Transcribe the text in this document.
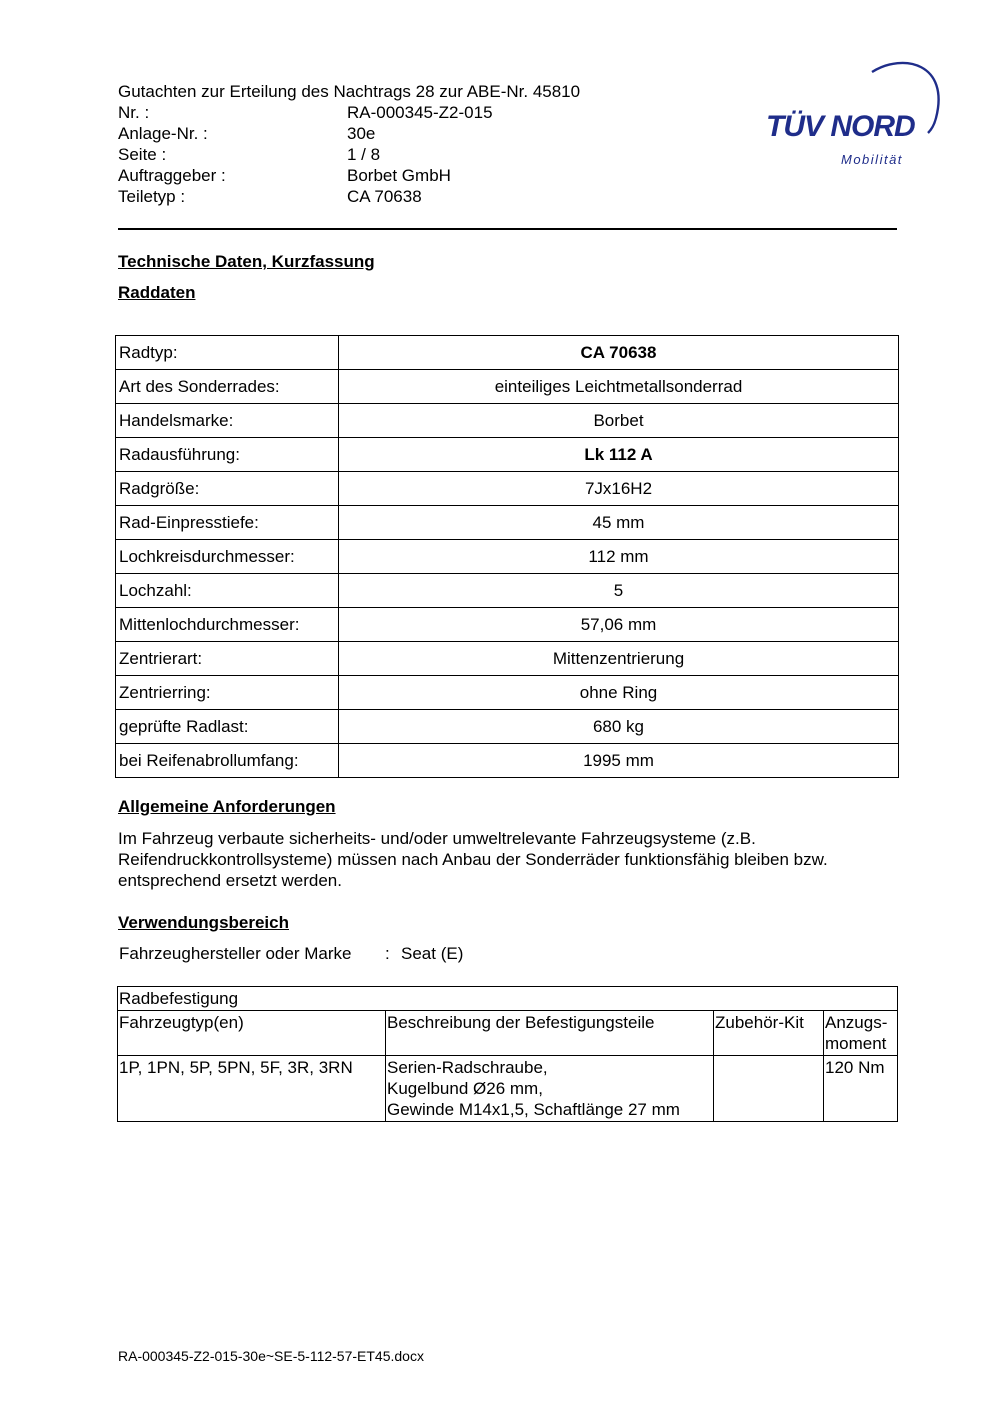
Gutachten zur Erteilung des Nachtrags 28 zur ABE-Nr. 45810
Nr. :	RA-000345-Z2-015
Anlage-Nr. :	30e
Seite :	1 / 8
Auftraggeber :	Borbet GmbH
Teiletyp :	CA 70638
TÜV NORD
Mobilität
Technische Daten, Kurzfassung
Raddaten
Radtyp:	CA 70638
Art des Sonderrades:	einteiliges Leichtmetallsonderrad
Handelsmarke:	Borbet
Radausführung:	Lk 112 A
Radgröße:	7Jx16H2
Rad-Einpresstiefe:	45 mm
Lochkreisdurchmesser:	112 mm
Lochzahl:	5
Mittenlochdurchmesser:	57,06 mm
Zentrierart:	Mittenzentrierung
Zentrierring:	ohne Ring
geprüfte Radlast:	680 kg
bei Reifenabrollumfang:	1995 mm
Allgemeine Anforderungen
Im Fahrzeug verbaute sicherheits- und/oder umweltrelevante Fahrzeugsysteme (z.B.
Reifendruckkontrollsysteme) müssen nach Anbau der Sonderräder funktionsfähig bleiben bzw.
entsprechend ersetzt werden.
Verwendungsbereich
Fahrzeughersteller oder Marke : Seat (E)
Radbefestigung			
Fahrzeugtyp(en)	Beschreibung der Befestigungsteile	Zubehör-Kit	Anzugs-
moment

1P, 1PN, 5P, 5PN, 5F, 3R, 3RN	Serien-Radschraube,
Kugelbund Ø26 mm,
Gewinde M14x1,5, Schaftlänge 27 mm		120 Nm
RA-000345-Z2-015-30e~SE-5-112-57-ET45.docx
